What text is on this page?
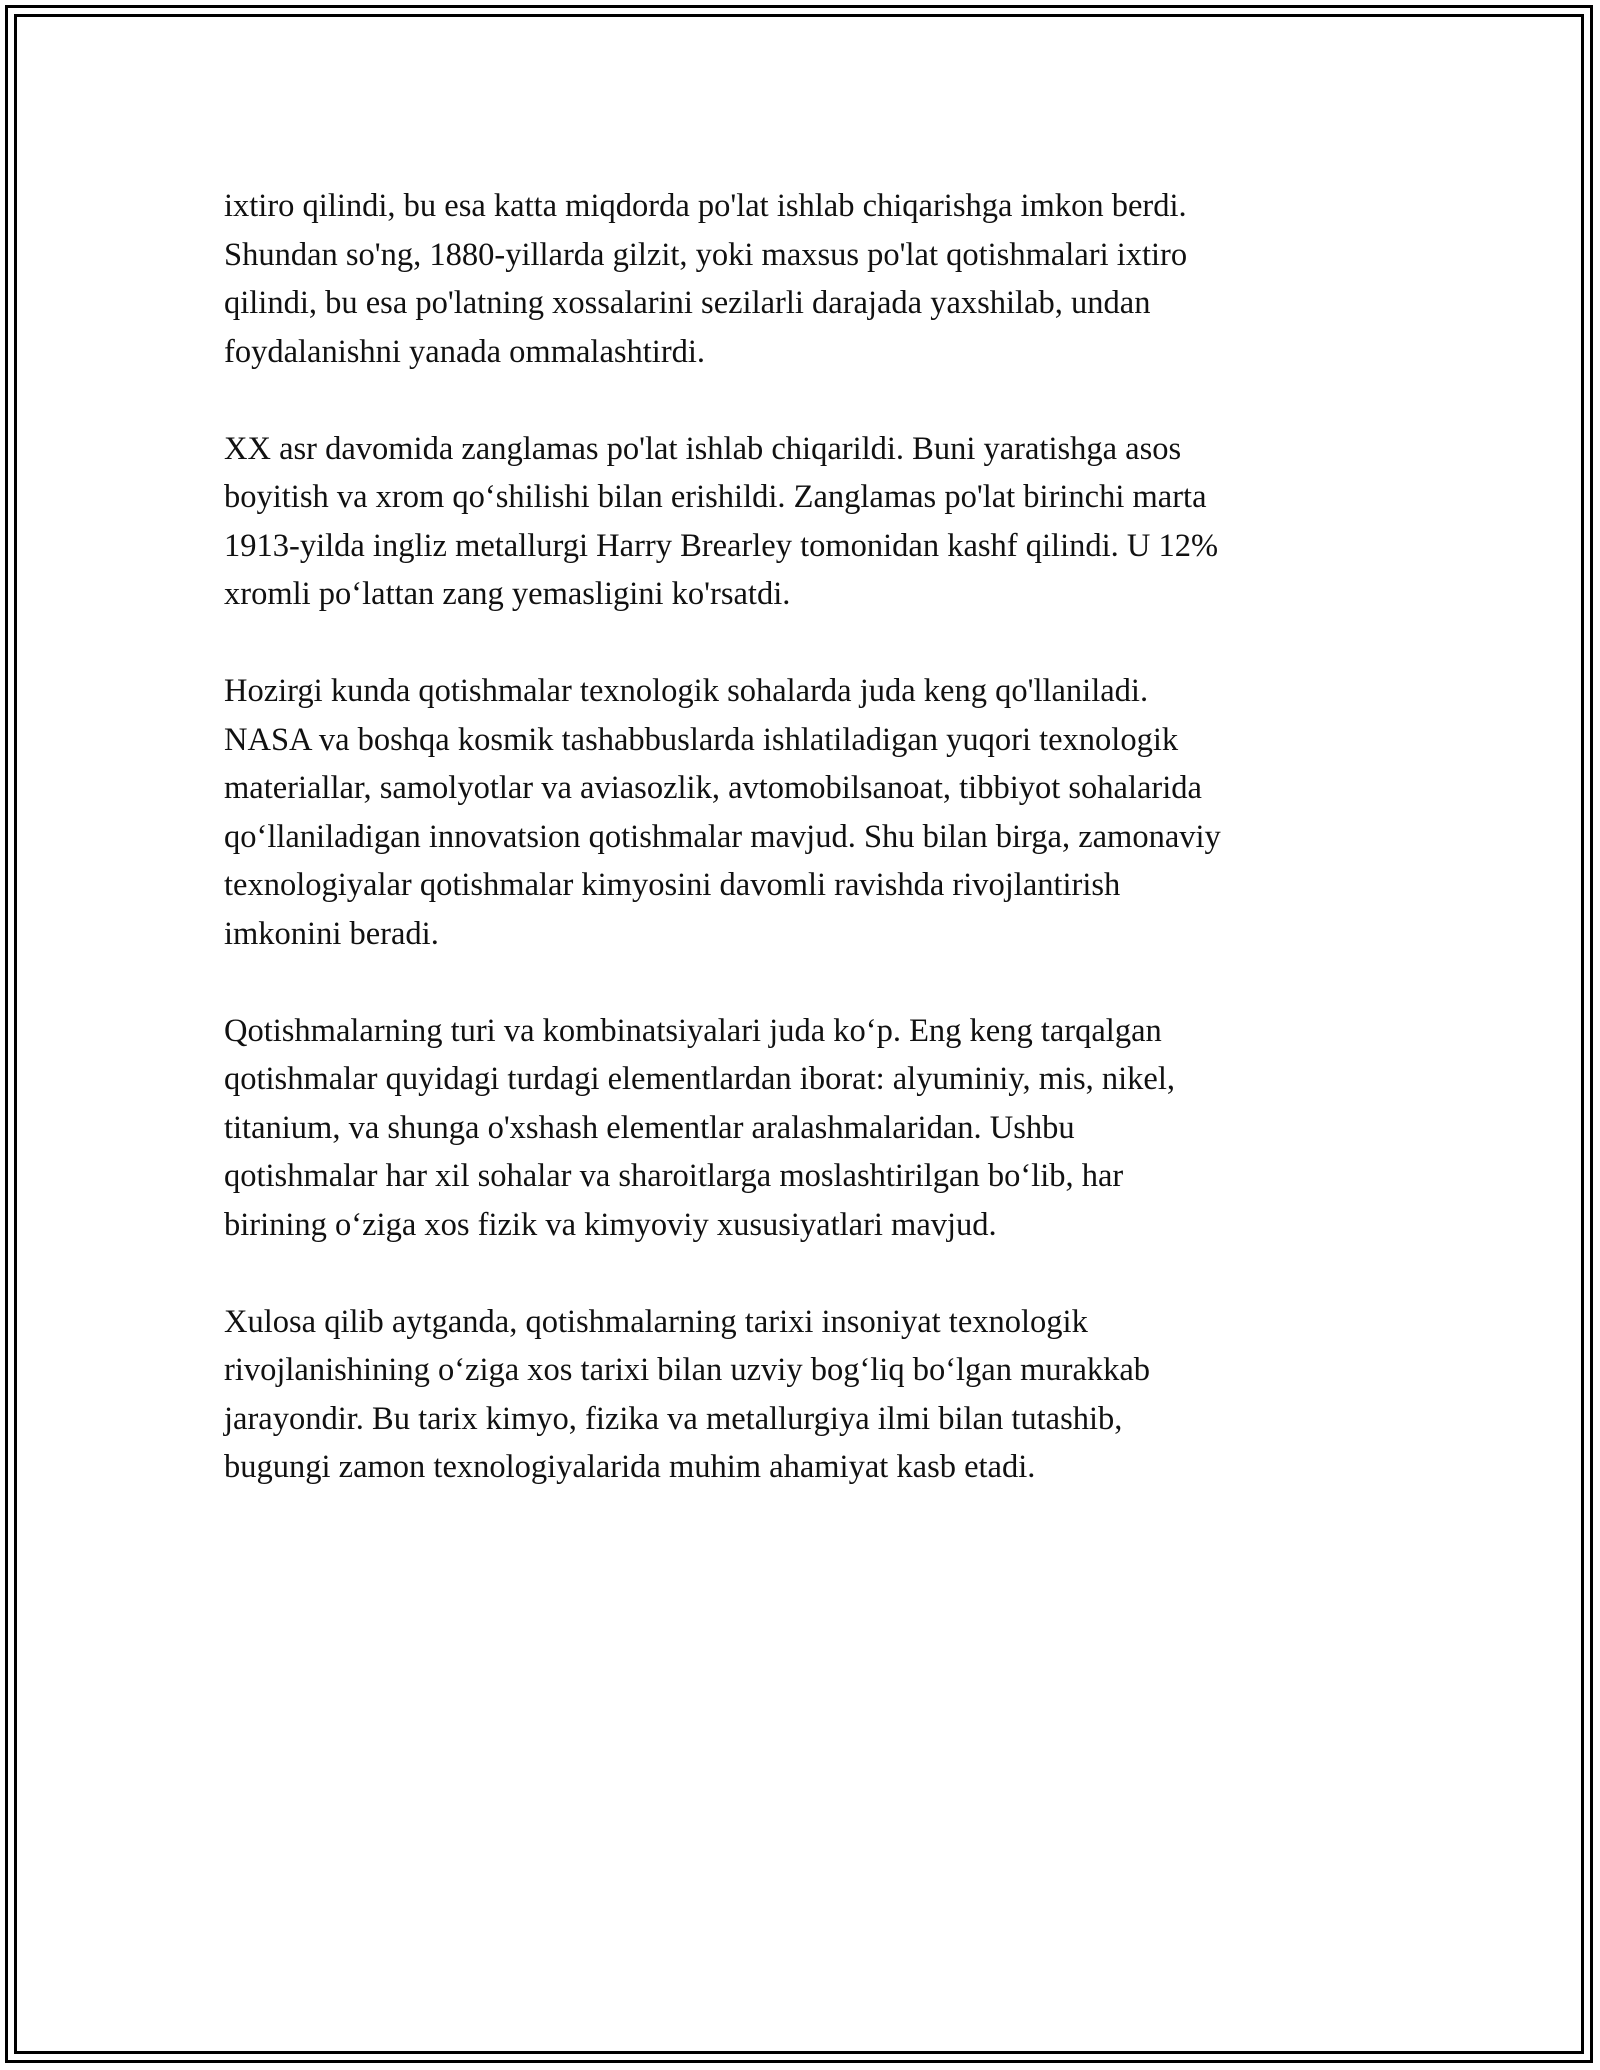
ixtiro qilindi, bu esa katta miqdorda po'lat ishlab chiqarishga imkon berdi.
Shundan so'ng, 1880-yillarda gilzit, yoki maxsus po'lat qotishmalari ixtiro
qilindi, bu esa po'latning xossalarini sezilarli darajada yaxshilab, undan
foydalanishni yanada ommalashtirdi.

XX asr davomida zanglamas po'lat ishlab chiqarildi. Buni yaratishga asos
boyitish va xrom qo‘shilishi bilan erishildi. Zanglamas po'lat birinchi marta
1913-yilda ingliz metallurgi Harry Brearley tomonidan kashf qilindi. U 12%
xromli po‘lattan zang yemasligini ko'rsatdi.

Hozirgi kunda qotishmalar texnologik sohalarda juda keng qo'llaniladi.
NASA va boshqa kosmik tashabbuslarda ishlatiladigan yuqori texnologik
materiallar, samolyotlar va aviasozlik, avtomobilsanoat, tibbiyot sohalarida
qo‘llaniladigan innovatsion qotishmalar mavjud. Shu bilan birga, zamonaviy
texnologiyalar qotishmalar kimyosini davomli ravishda rivojlantirish
imkonini beradi.

Qotishmalarning turi va kombinatsiyalari juda ko‘p. Eng keng tarqalgan
qotishmalar quyidagi turdagi elementlardan iborat: alyuminiy, mis, nikel,
titanium, va shunga o'xshash elementlar aralashmalaridan. Ushbu
qotishmalar har xil sohalar va sharoitlarga moslashtirilgan bo‘lib, har
birining o‘ziga xos fizik va kimyoviy xususiyatlari mavjud.

Xulosa qilib aytganda, qotishmalarning tarixi insoniyat texnologik
rivojlanishining o‘ziga xos tarixi bilan uzviy bog‘liq bo‘lgan murakkab
jarayondir. Bu tarix kimyo, fizika va metallurgiya ilmi bilan tutashib,
bugungi zamon texnologiyalarida muhim ahamiyat kasb etadi.
